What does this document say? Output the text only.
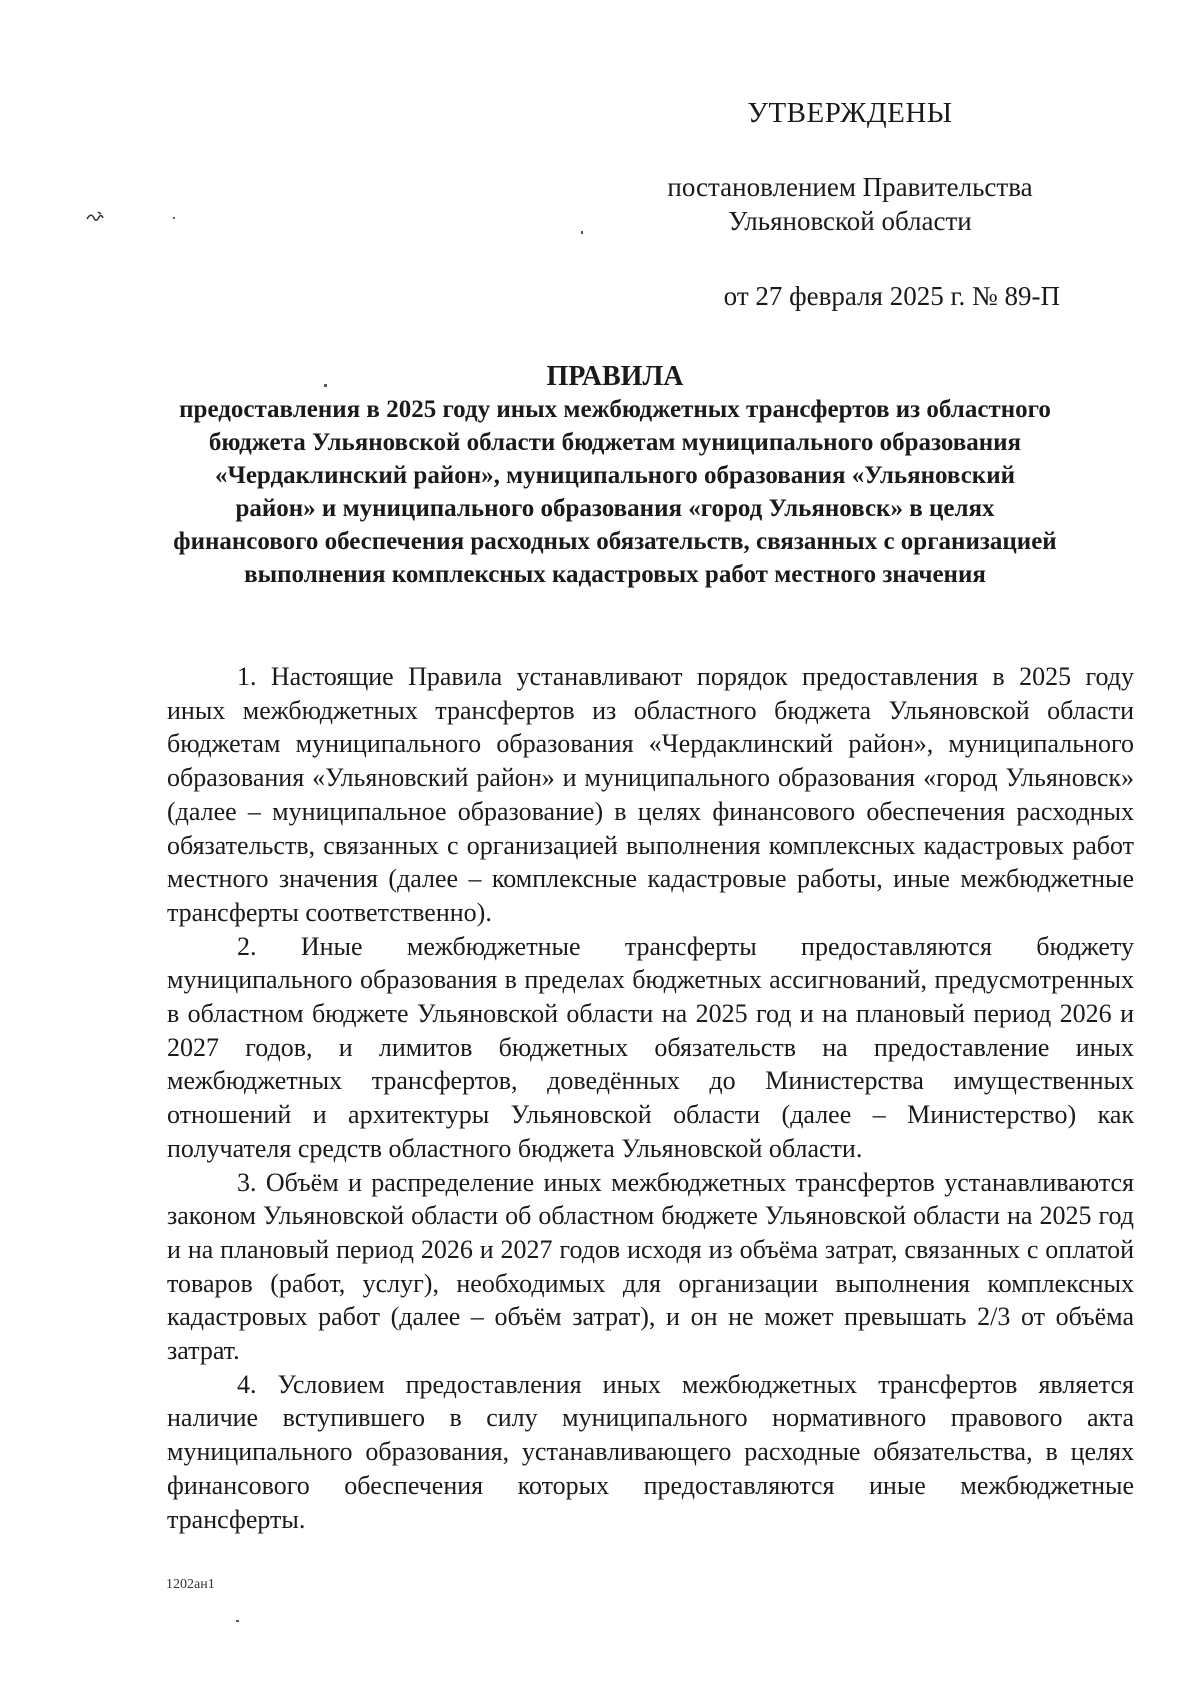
УТВЕРЖДЕНЫ
постановлением Правительства
Ульяновской области
от 27 февраля 2025 г. № 89-П
ПРАВИЛА
предоставления в 2025 году иных межбюджетных трансфертов из областного бюджета Ульяновской области бюджетам муниципального образования «Чердаклинский район», муниципального образования «Ульяновский район» и муниципального образования «город Ульяновск» в целях финансового обеспечения расходных обязательств, связанных с организацией выполнения комплексных кадастровых работ местного значения

1. Настоящие Правила устанавливают порядок предоставления в 2025 году иных межбюджетных трансфертов из областного бюджета Ульяновской области бюджетам муниципального образования «Чердаклинский район», муниципального образования «Ульяновский район» и муниципального образования «город Ульяновск» (далее – муниципальное образование) в целях финансового обеспечения расходных обязательств, связанных с организацией выполнения комплексных кадастровых работ местного значения (далее – комплексные кадастровые работы, иные межбюджетные трансферты соответственно).

2. Иные межбюджетные трансферты предоставляются бюджету муниципального образования в пределах бюджетных ассигнований, предусмотренных в областном бюджете Ульяновской области на 2025 год и на плановый период 2026 и 2027 годов, и лимитов бюджетных обязательств на предоставление иных межбюджетных трансфертов, доведённых до Министерства имущественных отношений и архитектуры Ульяновской области (далее – Министерство) как получателя средств областного бюджета Ульяновской области.

3. Объём и распределение иных межбюджетных трансфертов устанавливаются законом Ульяновской области об областном бюджете Ульяновской области на 2025 год и на плановый период 2026 и 2027 годов исходя из объёма затрат, связанных с оплатой товаров (работ, услуг), необходимых для организации выполнения комплексных кадастровых работ (далее – объём затрат), и он не может превышать 2/3 от объёма затрат.

4. Условием предоставления иных межбюджетных трансфертов является наличие вступившего в силу муниципального нормативного правового акта муниципального образования, устанавливающего расходные обязательства, в целях финансового обеспечения которых предоставляются иные межбюджетные трансферты.

1202ан1
